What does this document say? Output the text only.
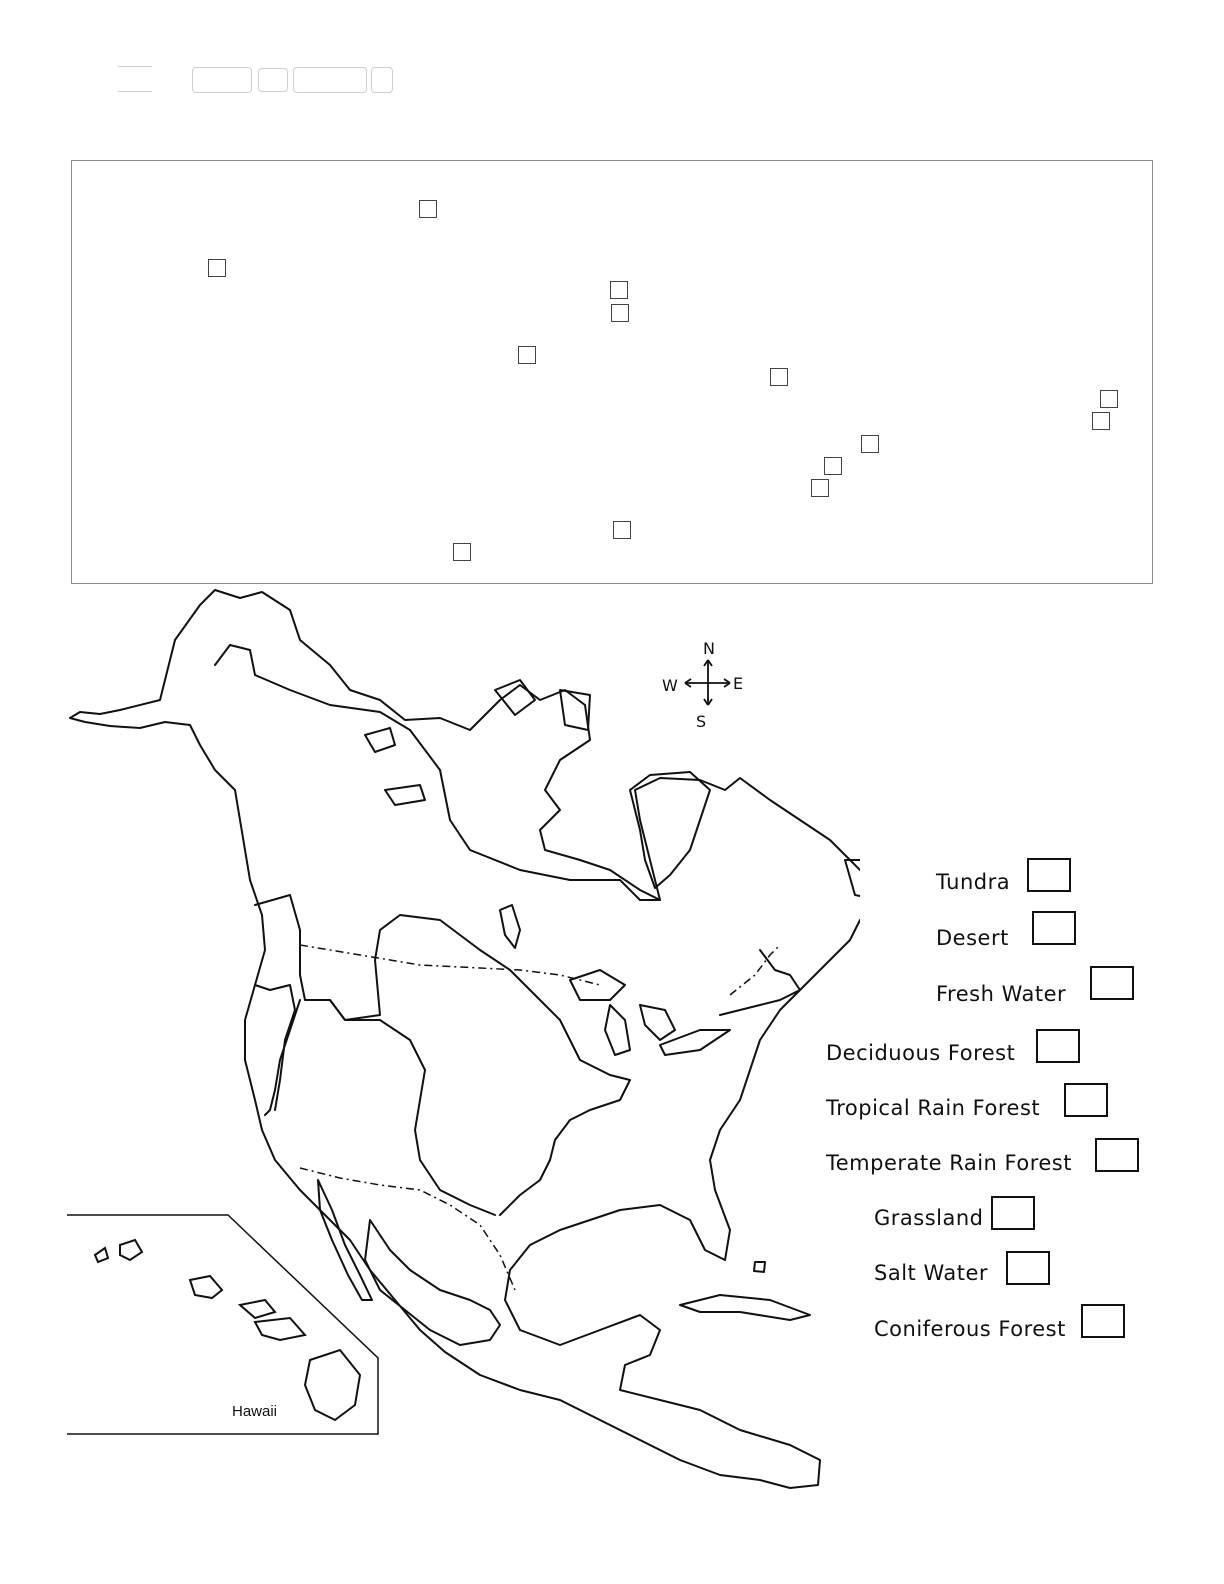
N
S
W	E
Hawaii
Tundra
Desert
Fresh Water
Deciduous Forest
Tropical Rain Forest
Temperate Rain Forest
Grassland
Salt Water
Coniferous Forest
